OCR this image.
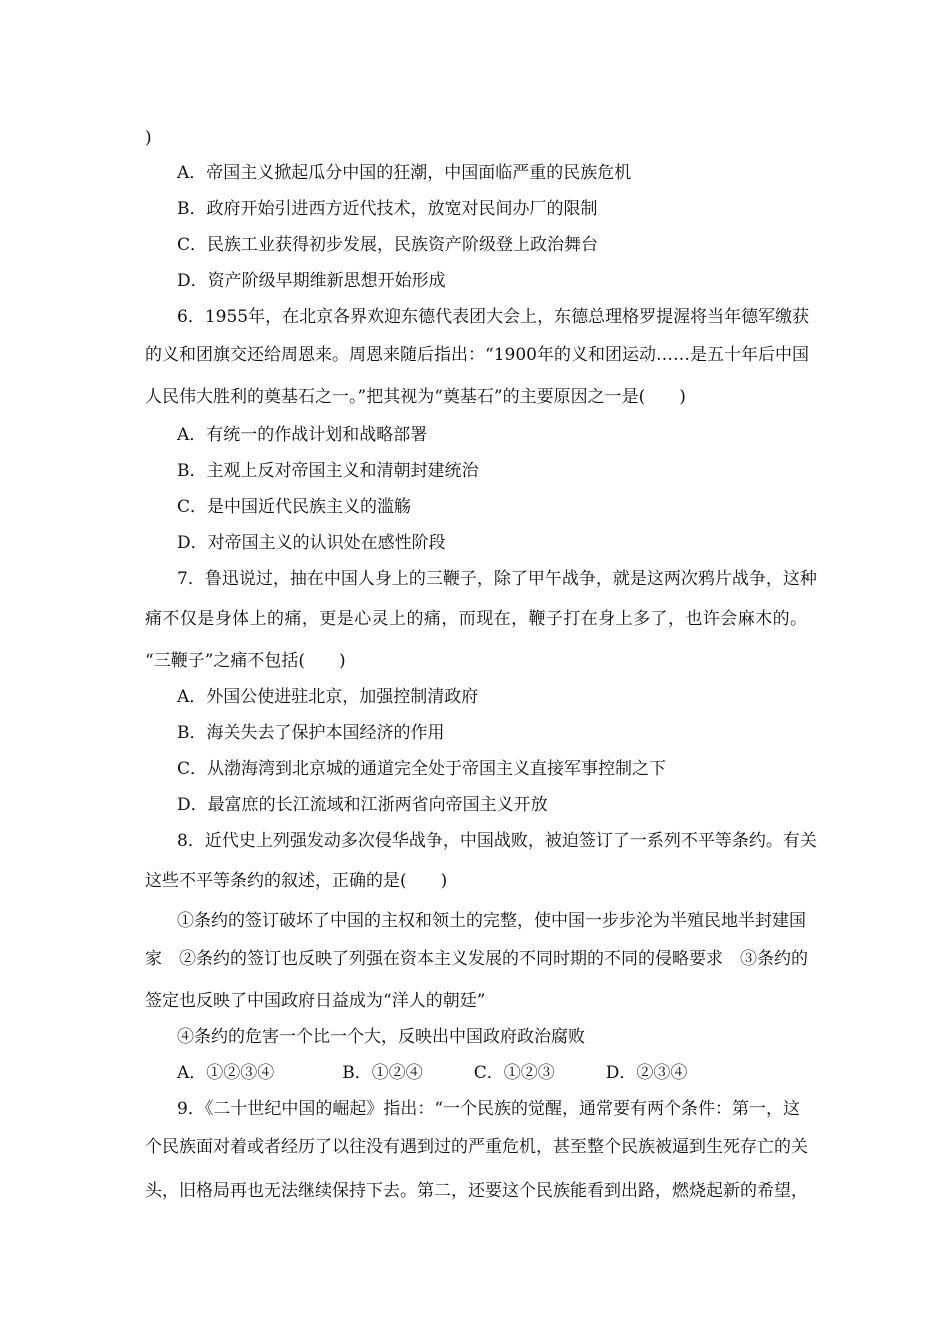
)
A．帝国主义掀起瓜分中国的狂潮，中国面临严重的民族危机
B．政府开始引进西方近代技术，放宽对民间办厂的限制
C．民族工业获得初步发展，民族资产阶级登上政治舞台
D．资产阶级早期维新思想开始形成
6．1955年，在北京各界欢迎东德代表团大会上，东德总理格罗提渥将当年德军缴获
的义和团旗交还给周恩来。周恩来随后指出：“1900年的义和团运动……是五十年后中国
人民伟大胜利的奠基石之一。”把其视为“奠基石”的主要原因之一是(　　)
A．有统一的作战计划和战略部署
B．主观上反对帝国主义和清朝封建统治
C．是中国近代民族主义的滥觞
D．对帝国主义的认识处在感性阶段
7．鲁迅说过，抽在中国人身上的三鞭子，除了甲午战争，就是这两次鸦片战争，这种
痛不仅是身体上的痛，更是心灵上的痛，而现在，鞭子打在身上多了，也许会麻木的。
“三鞭子”之痛不包括(　　)
A．外国公使进驻北京，加强控制清政府
B．海关失去了保护本国经济的作用
C．从渤海湾到北京城的通道完全处于帝国主义直接军事控制之下
D．最富庶的长江流域和江浙两省向帝国主义开放
8．近代史上列强发动多次侵华战争，中国战败，被迫签订了一系列不平等条约。有关
这些不平等条约的叙述，正确的是(　　)
①条约的签订破坏了中国的主权和领土的完整，使中国一步步沦为半殖民地半封建国
家　②条约的签订也反映了列强在资本主义发展的不同时期的不同的侵略要求　③条约的
签定也反映了中国政府日益成为“洋人的朝廷”
④条约的危害一个比一个大，反映出中国政府政治腐败
A．①②③④　　　　B．①②④　　　C．①②③　　　D．②③④
9．《二十世纪中国的崛起》指出：“一个民族的觉醒，通常要有两个条件：第一，这
个民族面对着或者经历了以往没有遇到过的严重危机，甚至整个民族被逼到生死存亡的关
头，旧格局再也无法继续保持下去。第二，还要这个民族能看到出路，燃烧起新的希望，
